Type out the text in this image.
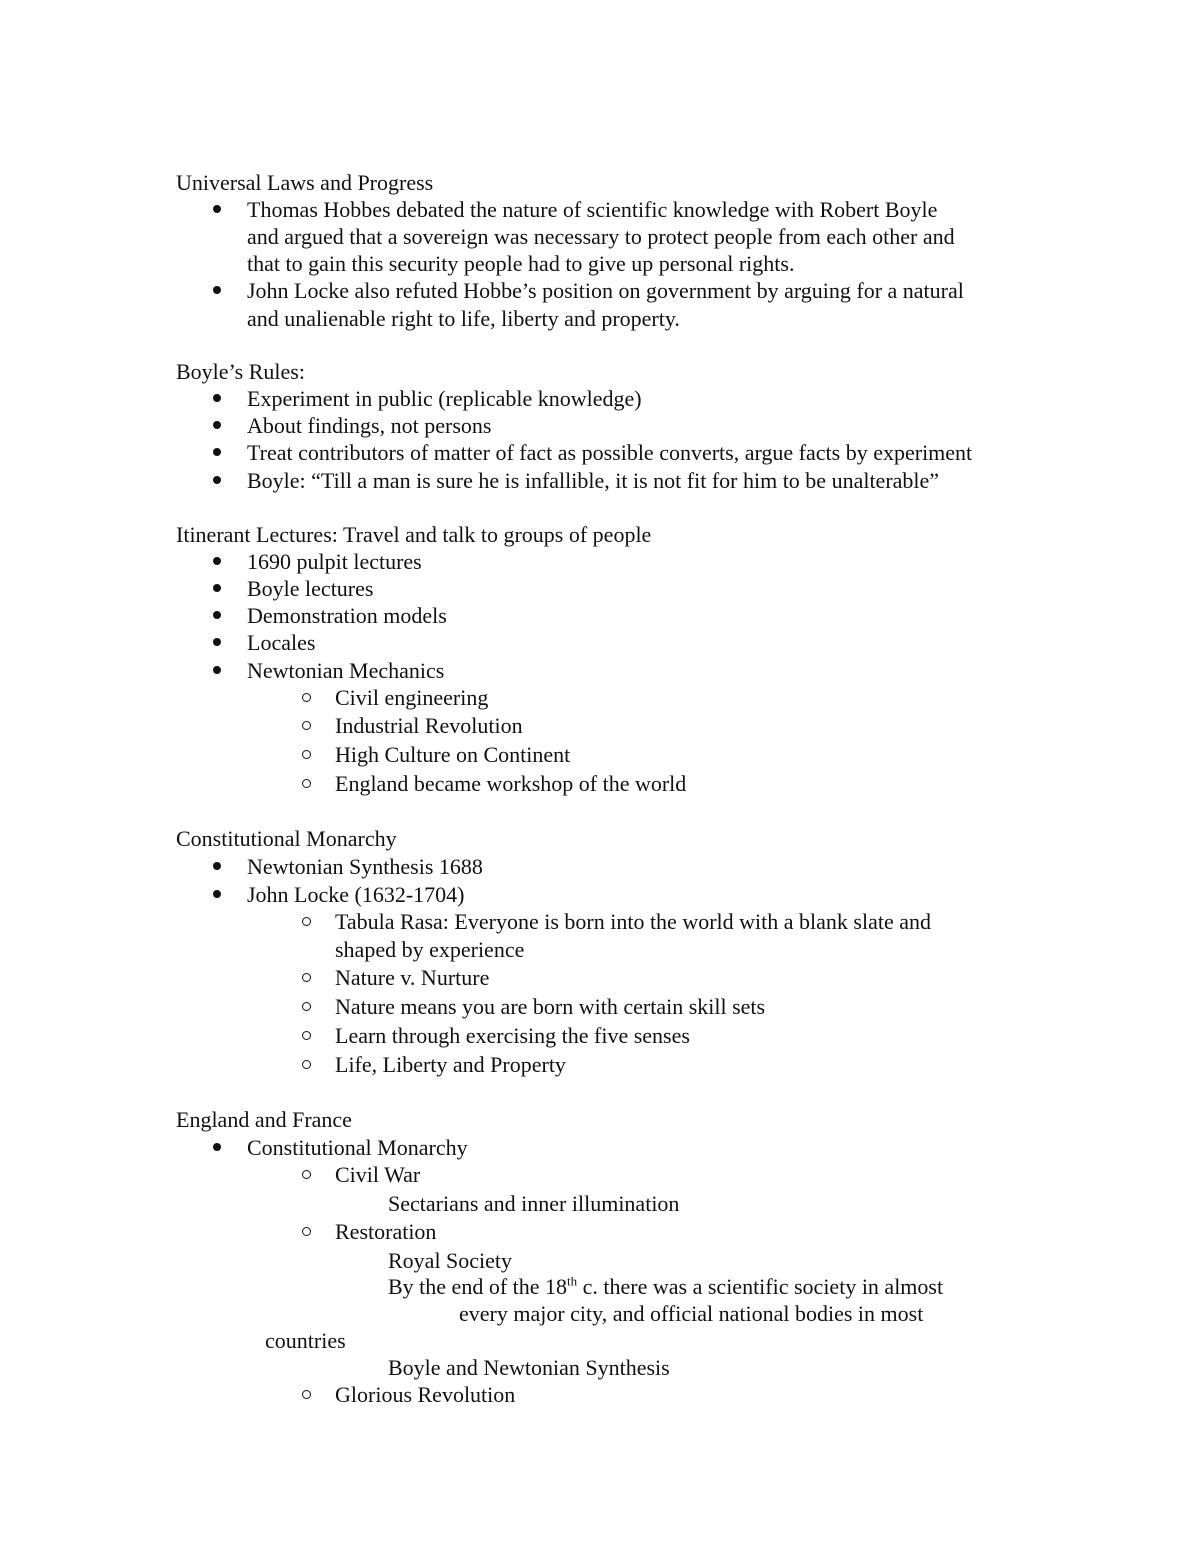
Universal Laws and Progress
Thomas Hobbes debated the nature of scientific knowledge with Robert Boyle
and argued that a sovereign was necessary to protect people from each other and
that to gain this security people had to give up personal rights.
John Locke also refuted Hobbe’s position on government by arguing for a natural
and unalienable right to life, liberty and property.
Boyle’s Rules:
Experiment in public (replicable knowledge)
About findings, not persons
Treat contributors of matter of fact as possible converts, argue facts by experiment
Boyle: “Till a man is sure he is infallible, it is not fit for him to be unalterable”
Itinerant Lectures: Travel and talk to groups of people
1690 pulpit lectures
Boyle lectures
Demonstration models
Locales
Newtonian Mechanics
Civil engineering
Industrial Revolution
High Culture on Continent
England became workshop of the world
Constitutional Monarchy
Newtonian Synthesis 1688
John Locke (1632-1704)
Tabula Rasa: Everyone is born into the world with a blank slate and
shaped by experience
Nature v. Nurture
Nature means you are born with certain skill sets
Learn through exercising the five senses
Life, Liberty and Property
England and France
Constitutional Monarchy
Civil War
Sectarians and inner illumination
Restoration
Royal Society
By the end of the 18th c. there was a scientific society in almost
every major city, and official national bodies in most
countries
Boyle and Newtonian Synthesis
Glorious Revolution
